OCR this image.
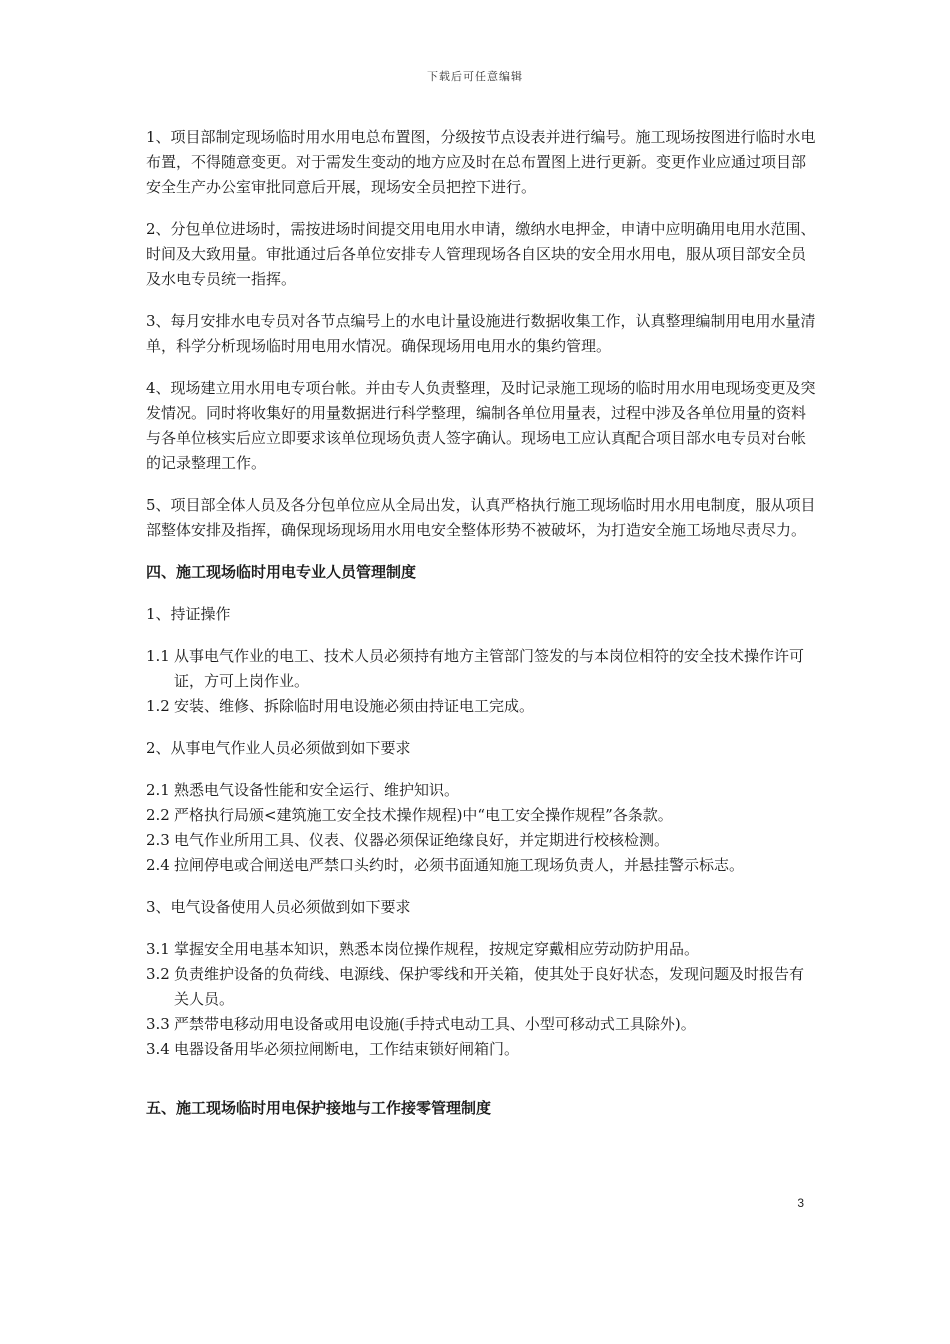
下载后可任意编辑

1、项目部制定现场临时用水用电总布置图，分级按节点设表并进行编号。施工现场按图进行临时水电布置，不得随意变更。对于需发生变动的地方应及时在总布置图上进行更新。变更作业应通过项目部安全生产办公室审批同意后开展，现场安全员把控下进行。

2、分包单位进场时，需按进场时间提交用电用水申请，缴纳水电押金，申请中应明确用电用水范围、时间及大致用量。审批通过后各单位安排专人管理现场各自区块的安全用水用电，服从项目部安全员及水电专员统一指挥。

3、每月安排水电专员对各节点编号上的水电计量设施进行数据收集工作，认真整理编制用电用水量清单，科学分析现场临时用电用水情况。确保现场用电用水的集约管理。

4、现场建立用水用电专项台帐。并由专人负责整理，及时记录施工现场的临时用水用电现场变更及突发情况。同时将收集好的用量数据进行科学整理，编制各单位用量表，过程中涉及各单位用量的资料与各单位核实后应立即要求该单位现场负责人签字确认。现场电工应认真配合项目部水电专员对台帐的记录整理工作。

5、项目部全体人员及各分包单位应从全局出发，认真严格执行施工现场临时用水用电制度，服从项目部整体安排及指挥，确保现场现场用水用电安全整体形势不被破坏，为打造安全施工场地尽责尽力。

四、施工现场临时用电专业人员管理制度
1、持证操作
1.1 从事电气作业的电工、技术人员必须持有地方主管部门签发的与本岗位相符的安全技术操作许可证，方可上岗作业。
1.2 安装、维修、拆除临时用电设施必须由持证电工完成。
2、从事电气作业人员必须做到如下要求
2.1 熟悉电气设备性能和安全运行、维护知识。
2.2 严格执行局颁<建筑施工安全技术操作规程)中“电工安全操作规程”各条款。
2.3 电气作业所用工具、仪表、仪器必须保证绝缘良好，并定期进行校核检测。
2.4 拉闸停电或合闸送电严禁口头约时，必须书面通知施工现场负责人，并悬挂警示标志。
3、电气设备使用人员必须做到如下要求
3.1 掌握安全用电基本知识，熟悉本岗位操作规程，按规定穿戴相应劳动防护用品。
3.2 负责维护设备的负荷线、电源线、保护零线和开关箱，使其处于良好状态，发现问题及时报告有关人员。
3.3 严禁带电移动用电设备或用电设施(手持式电动工具、小型可移动式工具除外)。
3.4 电器设备用毕必须拉闸断电，工作结束锁好闸箱门。
五、施工现场临时用电保护接地与工作接零管理制度
3
